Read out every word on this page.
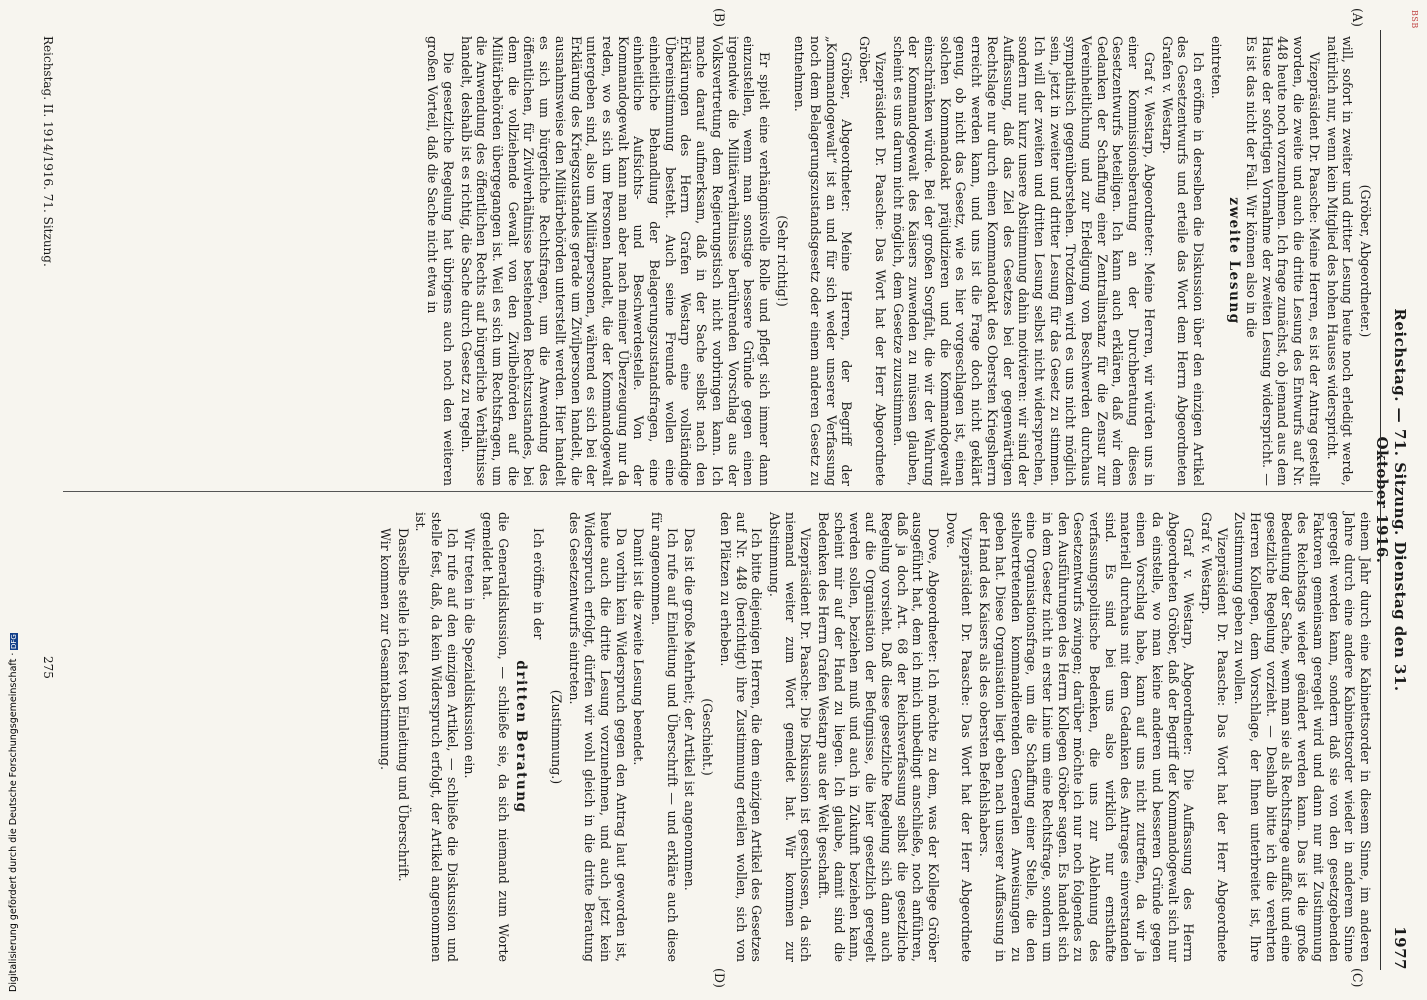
BSB
Reichstag. — 71. Sitzung. Dienstag den 31. Oktober 1916.
1977
(A)
(B)
(C)
(D)

(Gröber, Abgeordneter.)

will, sofort in zweiter und dritter Lesung heute noch erledigt werde, natürlich nur, wenn kein Mitglied des hohen Hauses widerspricht.

Vizepräsident Dr. Paasche: Meine Herren, es ist der Antrag gestellt worden, die zweite und auch die dritte Lesung des Entwurfs auf Nr. 448 heute noch vorzunehmen. Ich frage zunächst, ob jemand aus dem Hause der sofortigen Vornahme der zweiten Lesung widerspricht. — Es ist das nicht der Fall. Wir können also in die

zweite Lesung

eintreten.

Ich eröffne in derselben die Diskussion über den einzigen Artikel des Gesetzentwurfs und erteile das Wort dem Herrn Abgeordneten Grafen v. Westarp.

Graf v. Westarp, Abgeordneter: Meine Herren, wir würden uns in einer Kommissionsberatung an der Durchberatung dieses Gesetzentwurfs beteiligen. Ich kann auch erklären, daß wir dem Gedanken der Schaffung einer Zentralinstanz für die Zensur zur Vereinheitlichung und zur Erledigung von Beschwerden durchaus sympathisch gegenüberstehen. Trotzdem wird es uns nicht möglich sein, jetzt in zweiter und dritter Lesung für das Gesetz zu stimmen. Ich will der zweiten und dritten Lesung selbst nicht widersprechen, sondern nur kurz unsere Abstimmung dahin motivieren: wir sind der Auffassung, daß das Ziel des Gesetzes bei der gegenwärtigen Rechtslage nur durch einen Kommandoakt des Obersten Kriegsherrn erreicht werden kann, und uns ist die Frage doch nicht geklärt genug, ob nicht das Gesetz, wie es hier vorgeschlagen ist, einen solchen Kommandoakt präjudizieren und die Kommandogewalt einschränken würde. Bei der großen Sorgfalt, die wir der Wahrung der Kommandogewalt des Kaisers zuwenden zu müssen glauben, scheint es uns darum nicht möglich, dem Gesetze zuzustimmen.

Vizepräsident Dr. Paasche: Das Wort hat der Herr Abgeordnete Gröber.

Gröber, Abgeordneter: Meine Herren, der Begriff der „Kommandogewalt“ ist an und für sich weder unserer Verfassung noch dem Belagerungszustandsgesetz oder einem anderen Gesetz zu entnehmen.

(Sehr richtig!)

Er spielt eine verhängnisvolle Rolle und pflegt sich immer dann einzustellen, wenn man sonstige bessere Gründe gegen einen irgendwie die Militärverhältnisse berührenden Vorschlag aus der Volksvertretung dem Regierungstisch nicht vorbringen kann. Ich mache darauf aufmerksam, daß in der Sache selbst nach den Erklärungen des Herrn Grafen Westarp eine vollständige Übereinstimmung besteht. Auch seine Freunde wollen eine einheitliche Behandlung der Belagerungszustandsfragen, eine einheitliche Aufsichts- und Beschwerdestelle. Von der Kommandogewalt kann man aber nach meiner Überzeugung nur da reden, wo es sich um Personen handelt, die der Kommandogewalt untergeben sind, also um Militärpersonen, während es sich bei der Erklärung des Kriegszustandes gerade um Zivilpersonen handelt, die ausnahmsweise den Militärbehörden unterstellt werden. Hier handelt es sich um bürgerliche Rechtsfragen, um die Anwendung des öffentlichen, für Zivilverhältnisse bestehenden Rechtszustandes, bei dem die vollziehende Gewalt von den Zivilbehörden auf die Militärbehörden übergegangen ist. Weil es sich um Rechtsfragen, um die Anwendung des öffentlichen Rechts auf bürgerliche Verhältnisse handelt, deshalb ist es richtig, die Sache durch Gesetz zu regeln.

Die gesetzliche Regelung hat übrigens auch noch den weiteren großen Vorteil, daß die Sache nicht etwa in

einem Jahr durch eine Kabinettsorder in diesem Sinne, im anderen Jahre durch eine andere Kabinettsorder wieder in anderem Sinne geregelt werden kann, sondern daß sie von den gesetzgebenden Faktoren gemeinsam geregelt wird und dann nur mit Zustimmung des Reichstags wieder geändert werden kann. Das ist die große Bedeutung der Sache, wenn man sie als Rechtsfrage auffaßt und eine gesetzliche Regelung vorzieht. — Deshalb bitte ich die verehrten Herren Kollegen, dem Vorschlage, der Ihnen unterbreitet ist, Ihre Zustimmung geben zu wollen.

Vizepräsident Dr. Paasche: Das Wort hat der Herr Abgeordnete Graf v. Westarp.

Graf v. Westarp, Abgeordneter: Die Auffassung des Herrn Abgeordneten Gröber, daß der Begriff der Kommandogewalt sich nur da einstelle, wo man keine anderen und besseren Gründe gegen einen Vorschlag habe, kann auf uns nicht zutreffen, da wir ja materiell durchaus mit dem Gedanken des Antrages einverstanden sind. Es sind bei uns also wirklich nur ernsthafte verfassungspolitische Bedenken, die uns zur Ablehnung des Gesetzentwurfs zwingen; darüber möchte ich nur noch folgendes zu den Ausführungen des Herrn Kollegen Gröber sagen. Es handelt sich in dem Gesetz nicht in erster Linie um eine Rechtsfrage, sondern um eine Organisationsfrage, um die Schaffung einer Stelle, die den stellvertretenden kommandierenden Generalen Anweisungen zu geben hat. Diese Organisation liegt eben nach unserer Auffassung in der Hand des Kaisers als des obersten Befehlshabers.

Vizepräsident Dr. Paasche: Das Wort hat der Herr Abgeordnete Dove.

Dove, Abgeordneter: Ich möchte zu dem, was der Kollege Gröber ausgeführt hat, dem ich mich unbedingt anschließe, noch anführen, daß ja doch Art. 68 der Reichsverfassung selbst die gesetzliche Regelung vorsieht. Daß diese gesetzliche Regelung sich dann auch auf die Organisation der Befugnisse, die hier gesetzlich geregelt werden sollen, beziehen muß und auch in Zukunft beziehen kann, scheint mir auf der Hand zu liegen. Ich glaube, damit sind die Bedenken des Herrn Grafen Westarp aus der Welt geschafft.

Vizepräsident Dr. Paasche: Die Diskussion ist geschlossen, da sich niemand weiter zum Wort gemeldet hat. Wir kommen zur Abstimmung.

Ich bitte diejenigen Herren, die dem einzigen Artikel des Gesetzes auf Nr. 448 (berichtigt) ihre Zustimmung erteilen wollen, sich von den Plätzen zu erheben.

(Geschieht.)

Das ist die große Mehrheit; der Artikel ist angenommen.

Ich rufe auf Einleitung und Überschrift — und erkläre auch diese für angenommen.

Damit ist die zweite Lesung beendet.

Da vorhin kein Widerspruch gegen den Antrag laut geworden ist, heute auch die dritte Lesung vorzunehmen, und auch jetzt kein Widerspruch erfolgt, dürfen wir wohl gleich in die dritte Beratung des Gesetzentwurfs eintreten.

(Zustimmung.)

Ich eröffne in der

dritten Beratung

die Generaldiskussion, — schließe sie, da sich niemand zum Worte gemeldet hat.

Wir treten in die Spezialdiskussion ein.

Ich rufe auf den einzigen Artikel, — schließe die Diskussion und stelle fest, daß, da kein Widerspruch erfolgt, der Artikel angenommen ist.

Dasselbe stelle ich fest von Einleitung und Überschrift.

Wir kommen zur Gesamtabstimmung.

Reichstag. II. 1914/1916. 71. Sitzung.
275
Digitalisierung gefördert durch die Deutsche Forschungsgemeinschaft · DFG
